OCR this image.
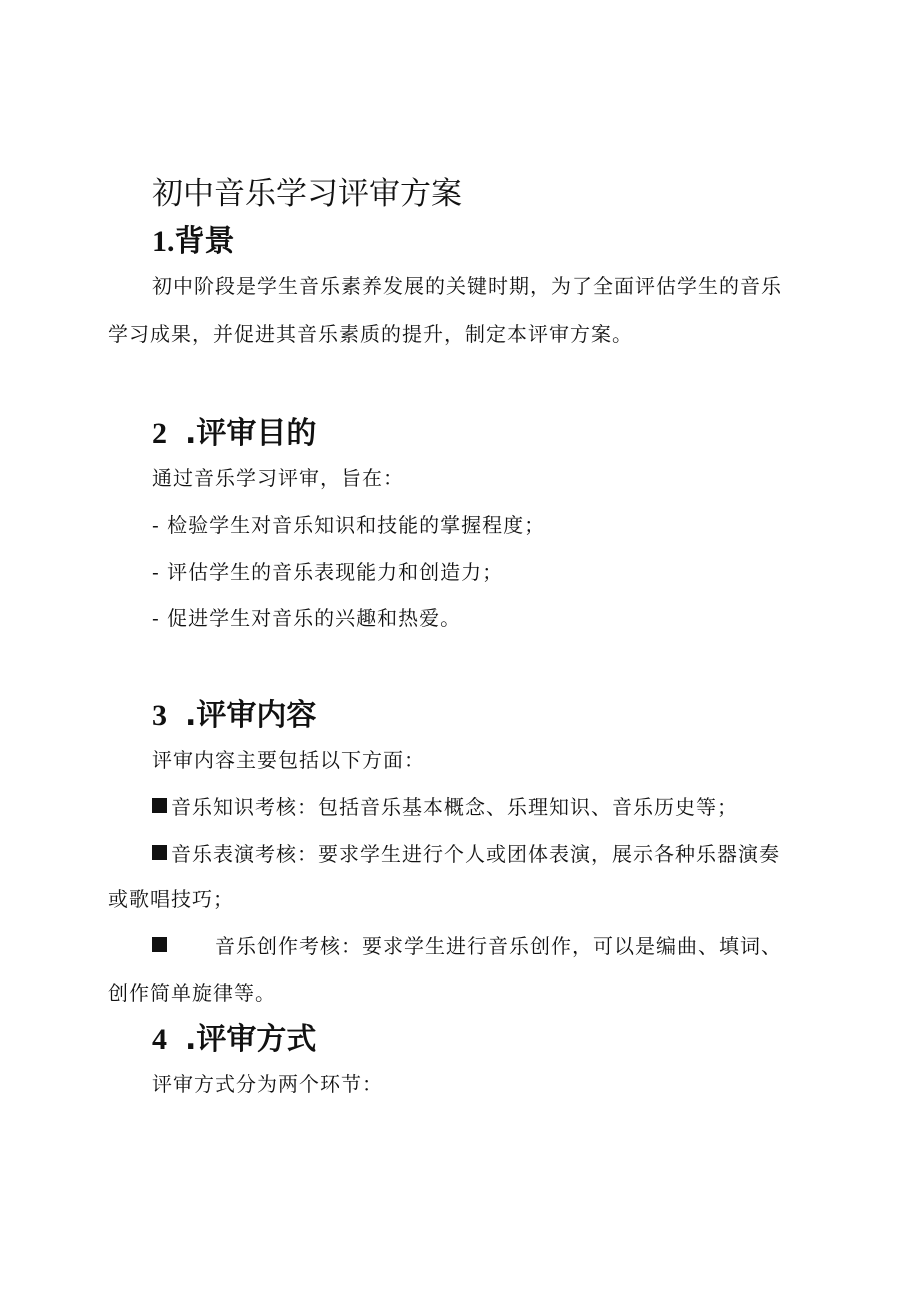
初中音乐学习评审方案
1.背景

初中阶段是学生音乐素养发展的关键时期，为了全面评估学生的音乐

学习成果，并促进其音乐素质的提升，制定本评审方案。

2 .评审目的

通过音乐学习评审，旨在：

- 检验学生对音乐知识和技能的掌握程度；

- 评估学生的音乐表现能力和创造力；

- 促进学生对音乐的兴趣和热爱。

3 .评审内容

评审内容主要包括以下方面：

音乐知识考核：包括音乐基本概念、乐理知识、音乐历史等；

音乐表演考核：要求学生进行个人或团体表演，展示各种乐器演奏

或歌唱技巧；

音乐创作考核：要求学生进行音乐创作，可以是编曲、填词、

创作简单旋律等。

4 .评审方式

评审方式分为两个环节：
